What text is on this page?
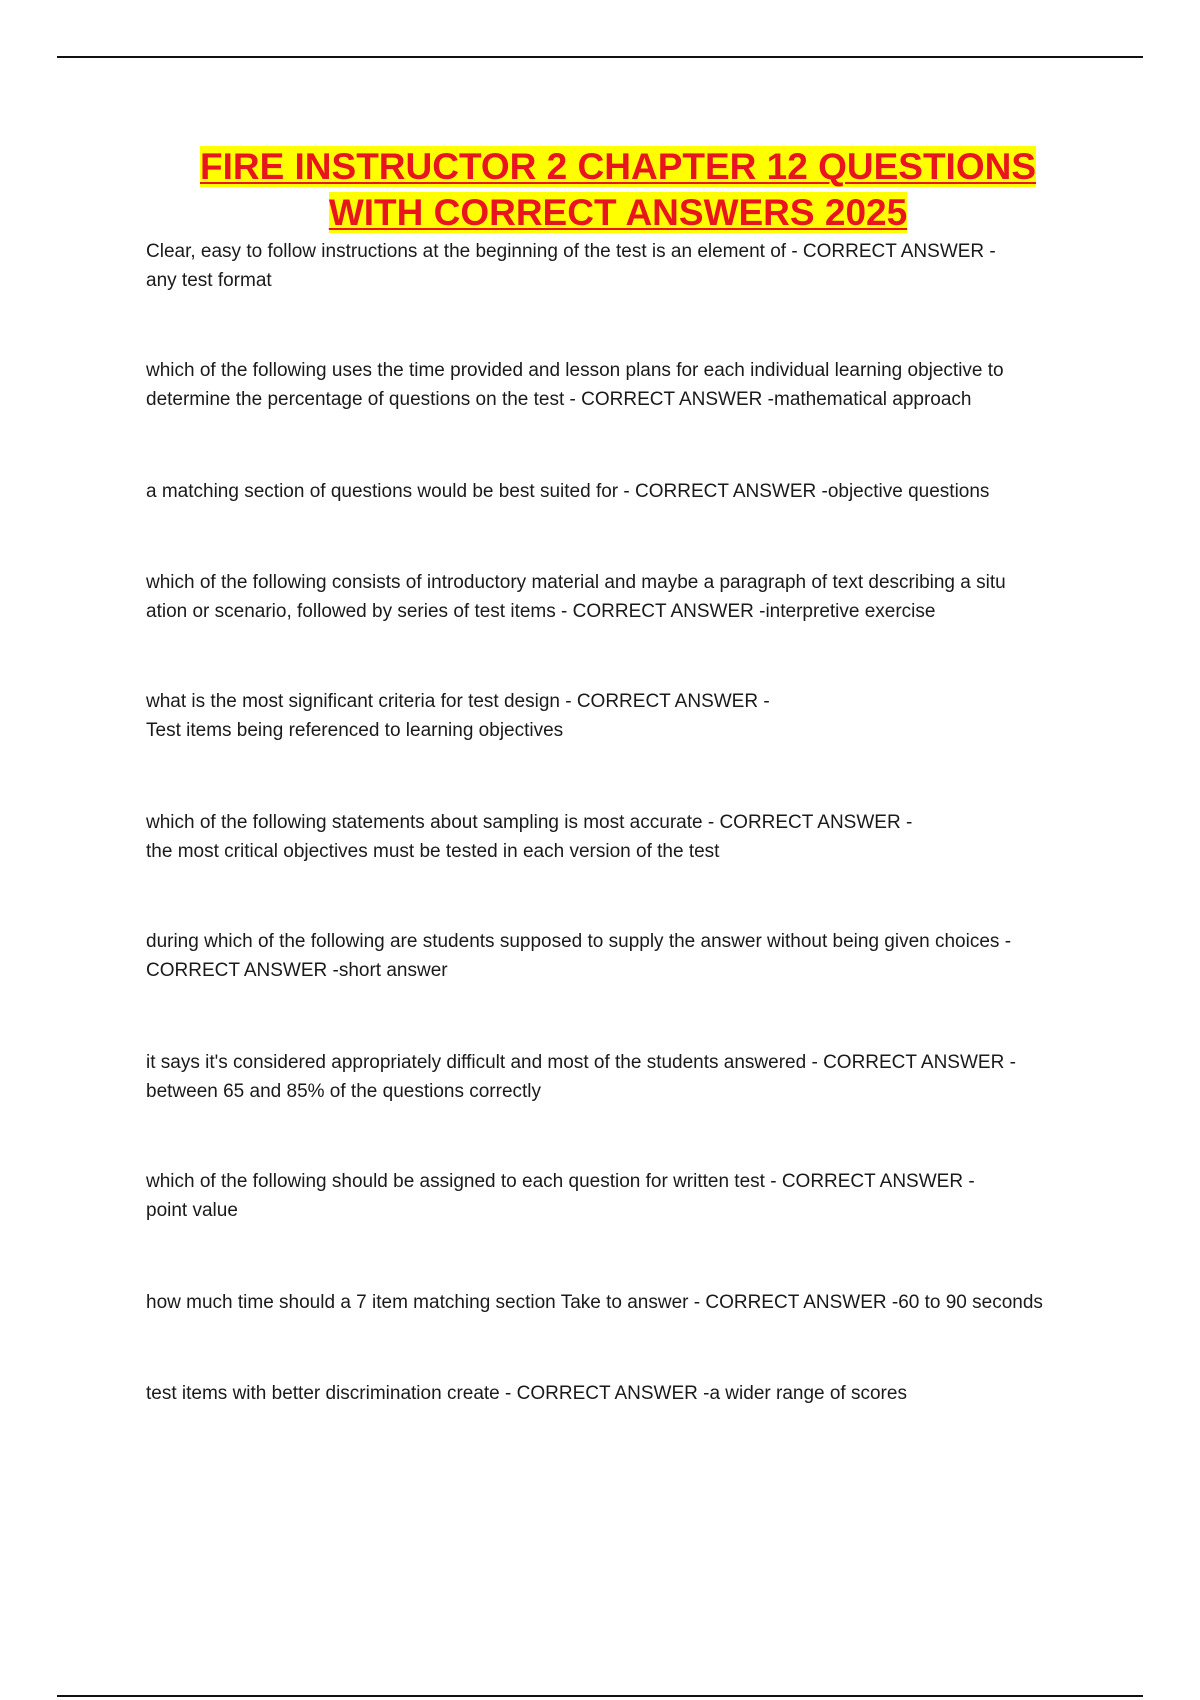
FIRE INSTRUCTOR 2 CHAPTER 12 QUESTIONS
WITH CORRECT ANSWERS 2025
Clear, easy to follow instructions at the beginning of the test is an element of - CORRECT ANSWER -
any test format
which of the following uses the time provided and lesson plans for each individual learning objective to
determine the percentage of questions on the test - CORRECT ANSWER -mathematical approach
a matching section of questions would be best suited for - CORRECT ANSWER -objective questions
which of the following consists of introductory material and maybe a paragraph of text describing a situ
ation or scenario, followed by series of test items - CORRECT ANSWER -interpretive exercise
what is the most significant criteria for test design - CORRECT ANSWER -
Test items being referenced to learning objectives
which of the following statements about sampling is most accurate - CORRECT ANSWER -
the most critical objectives must be tested in each version of the test
during which of the following are students supposed to supply the answer without being given choices -
CORRECT ANSWER -short answer
it says it's considered appropriately difficult and most of the students answered - CORRECT ANSWER -
between 65 and 85% of the questions correctly
which of the following should be assigned to each question for written test - CORRECT ANSWER -
point value
how much time should a 7 item matching section Take to answer - CORRECT ANSWER -60 to 90 seconds
test items with better discrimination create - CORRECT ANSWER -a wider range of scores
